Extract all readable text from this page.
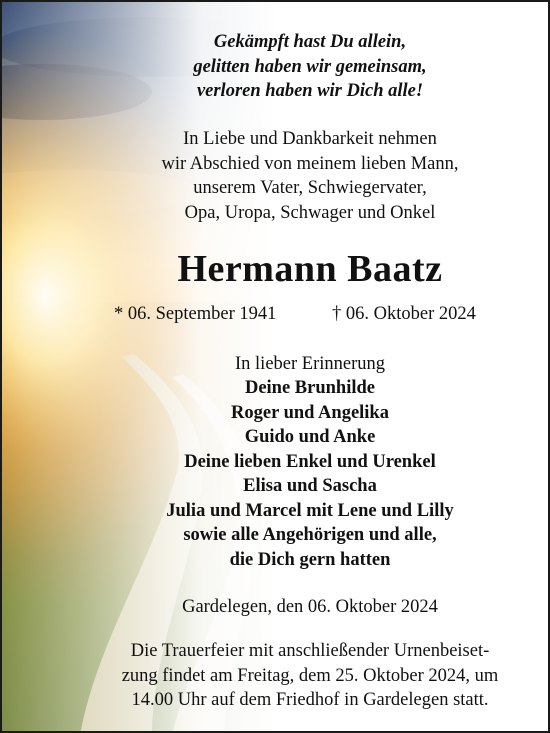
Gekämpft hast Du allein,
gelitten haben wir gemeinsam,
verloren haben wir Dich alle!

In Liebe und Dankbarkeit nehmen
wir Abschied von meinem lieben Mann,
unserem Vater, Schwiegervater,
Opa, Uropa, Schwager und Onkel

Hermann Baatz
* 06. September 1941	† 06. Oktober 2024

In lieber Erinnerung

Deine Brunhilde
Roger und Angelika
Guido und Anke
Deine lieben Enkel und Urenkel
Elisa und Sascha
Julia und Marcel mit Lene und Lilly
sowie alle Angehörigen und alle,
die Dich gern hatten

Gardelegen, den 06. Oktober 2024

Die Trauerfeier mit anschließender Urnenbeiset-
zung findet am Freitag, dem 25. Oktober 2024, um
14.00 Uhr auf dem Friedhof in Gardelegen statt.
